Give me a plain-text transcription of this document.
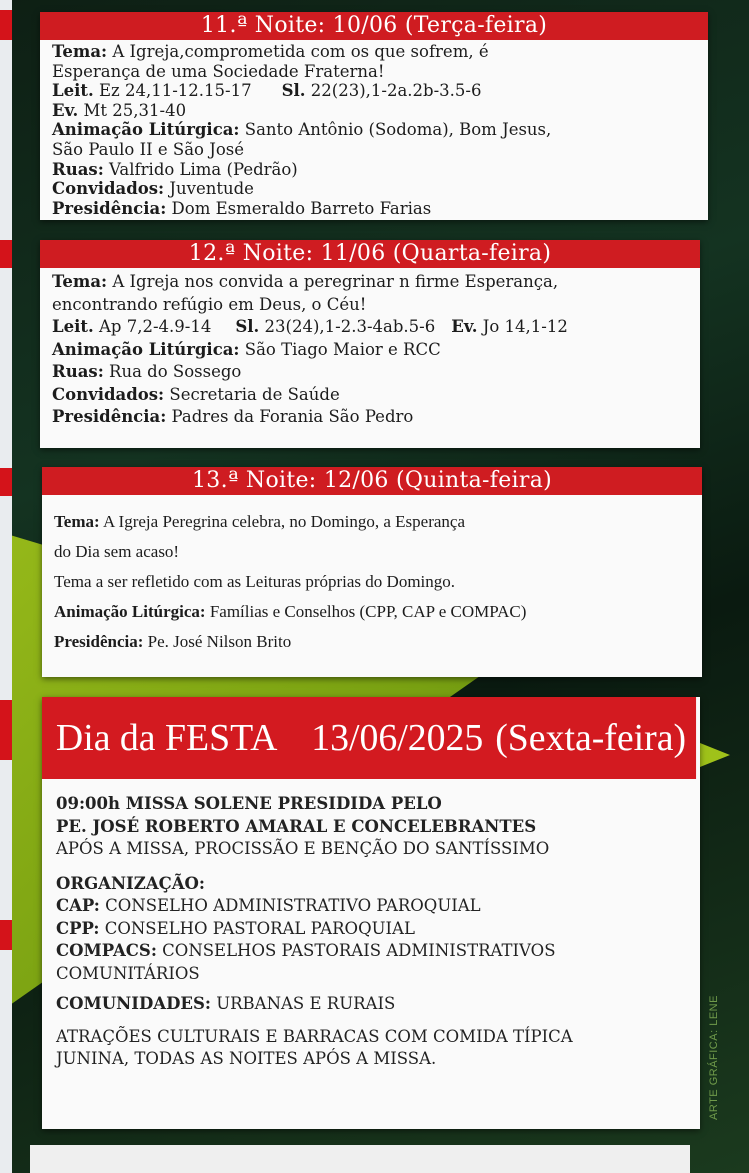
11.ª Noite: 10/06 (Terça-feira)
Tema: A Igreja,comprometida com os que sofrem, é
Esperança de uma Sociedade Fraterna!
Leit. Ez 24,11-12.15-17 Sl. 22(23),1-2a.2b-3.5-6
Ev. Mt 25,31-40
Animação Litúrgica: Santo Antônio (Sodoma), Bom Jesus,
São Paulo II e São José
Ruas: Valfrido Lima (Pedrão)
Convidados: Juventude
Presidência: Dom Esmeraldo Barreto Farias
12.ª Noite: 11/06 (Quarta-feira)
Tema: A Igreja nos convida a peregrinar n firme Esperança,
encontrando refúgio em Deus, o Céu!
Leit. Ap 7,2-4.9-14 Sl. 23(24),1-2.3-4ab.5-6 Ev. Jo 14,1-12
Animação Litúrgica: São Tiago Maior e RCC
Ruas: Rua do Sossego
Convidados: Secretaria de Saúde
Presidência: Padres da Forania São Pedro
13.ª Noite: 12/06 (Quinta-feira)
Tema: A Igreja Peregrina celebra, no Domingo, a Esperança
do Dia sem acaso!
Tema a ser refletido com as Leituras próprias do Domingo.
Animação Litúrgica: Famílias e Conselhos (CPP, CAP e COMPAC)
Presidência: Pe. José Nilson Brito
Dia da FESTA 13/06/2025 (Sexta-feira)
09:00h MISSA SOLENE PRESIDIDA PELO
PE. JOSÉ ROBERTO AMARAL E CONCELEBRANTES
APÓS A MISSA, PROCISSÃO E BENÇÃO DO SANTÍSSIMO
ORGANIZAÇÃO:
CAP: CONSELHO ADMINISTRATIVO PAROQUIAL
CPP: CONSELHO PASTORAL PAROQUIAL
COMPACS: CONSELHOS PASTORAIS ADMINISTRATIVOS
COMUNITÁRIOS
COMUNIDADES: URBANAS E RURAIS
ATRAÇÕES CULTURAIS E BARRACAS COM COMIDA TÍPICA
JUNINA, TODAS AS NOITES APÓS A MISSA.	ARTE GRÁFICA: LENE
